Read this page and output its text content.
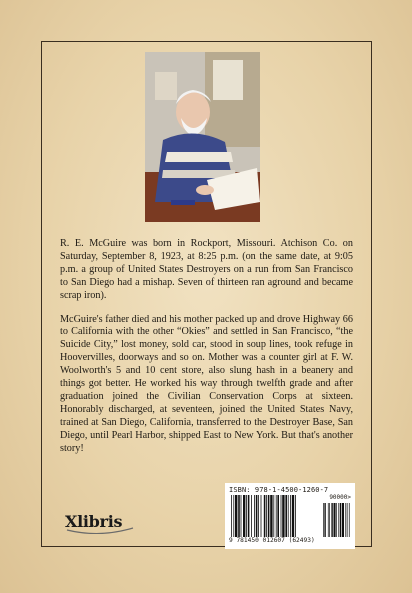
R. E. McGuire was born in Rockport, Missouri. Atchison Co. on Saturday, September 8, 1923, at 8:25 p.m. (on the same date, at 9:05 p.m. a group of United States Destroyers on a run from San Francisco to San Diego had a mishap. Seven of thirteen ran aground and became scrap iron).

McGuire's father died and his mother packed up and drove Highway 66 to California with the other “Okies” and settled in San Francisco, “the Suicide City,” lost money, sold car, stood in soup lines, took refuge in Hoovervilles, doorways and so on. Mother was a counter girl at F. W. Woolworth's 5 and 10 cent store, also slung hash in a beanery and things got better. He worked his way through twelfth grade and after graduation joined the Civilian Conservation Corps at sixteen. Honorably discharged, at seventeen, joined the United States Navy, trained at San Diego, California, transferred to the Destroyer Base, San Diego, until Pearl Harbor, shipped East to New York. But that's another story!

Xlibris
ISBN: 978-1-4500-1260-7
90000>
9 781450 012607 (62493)
